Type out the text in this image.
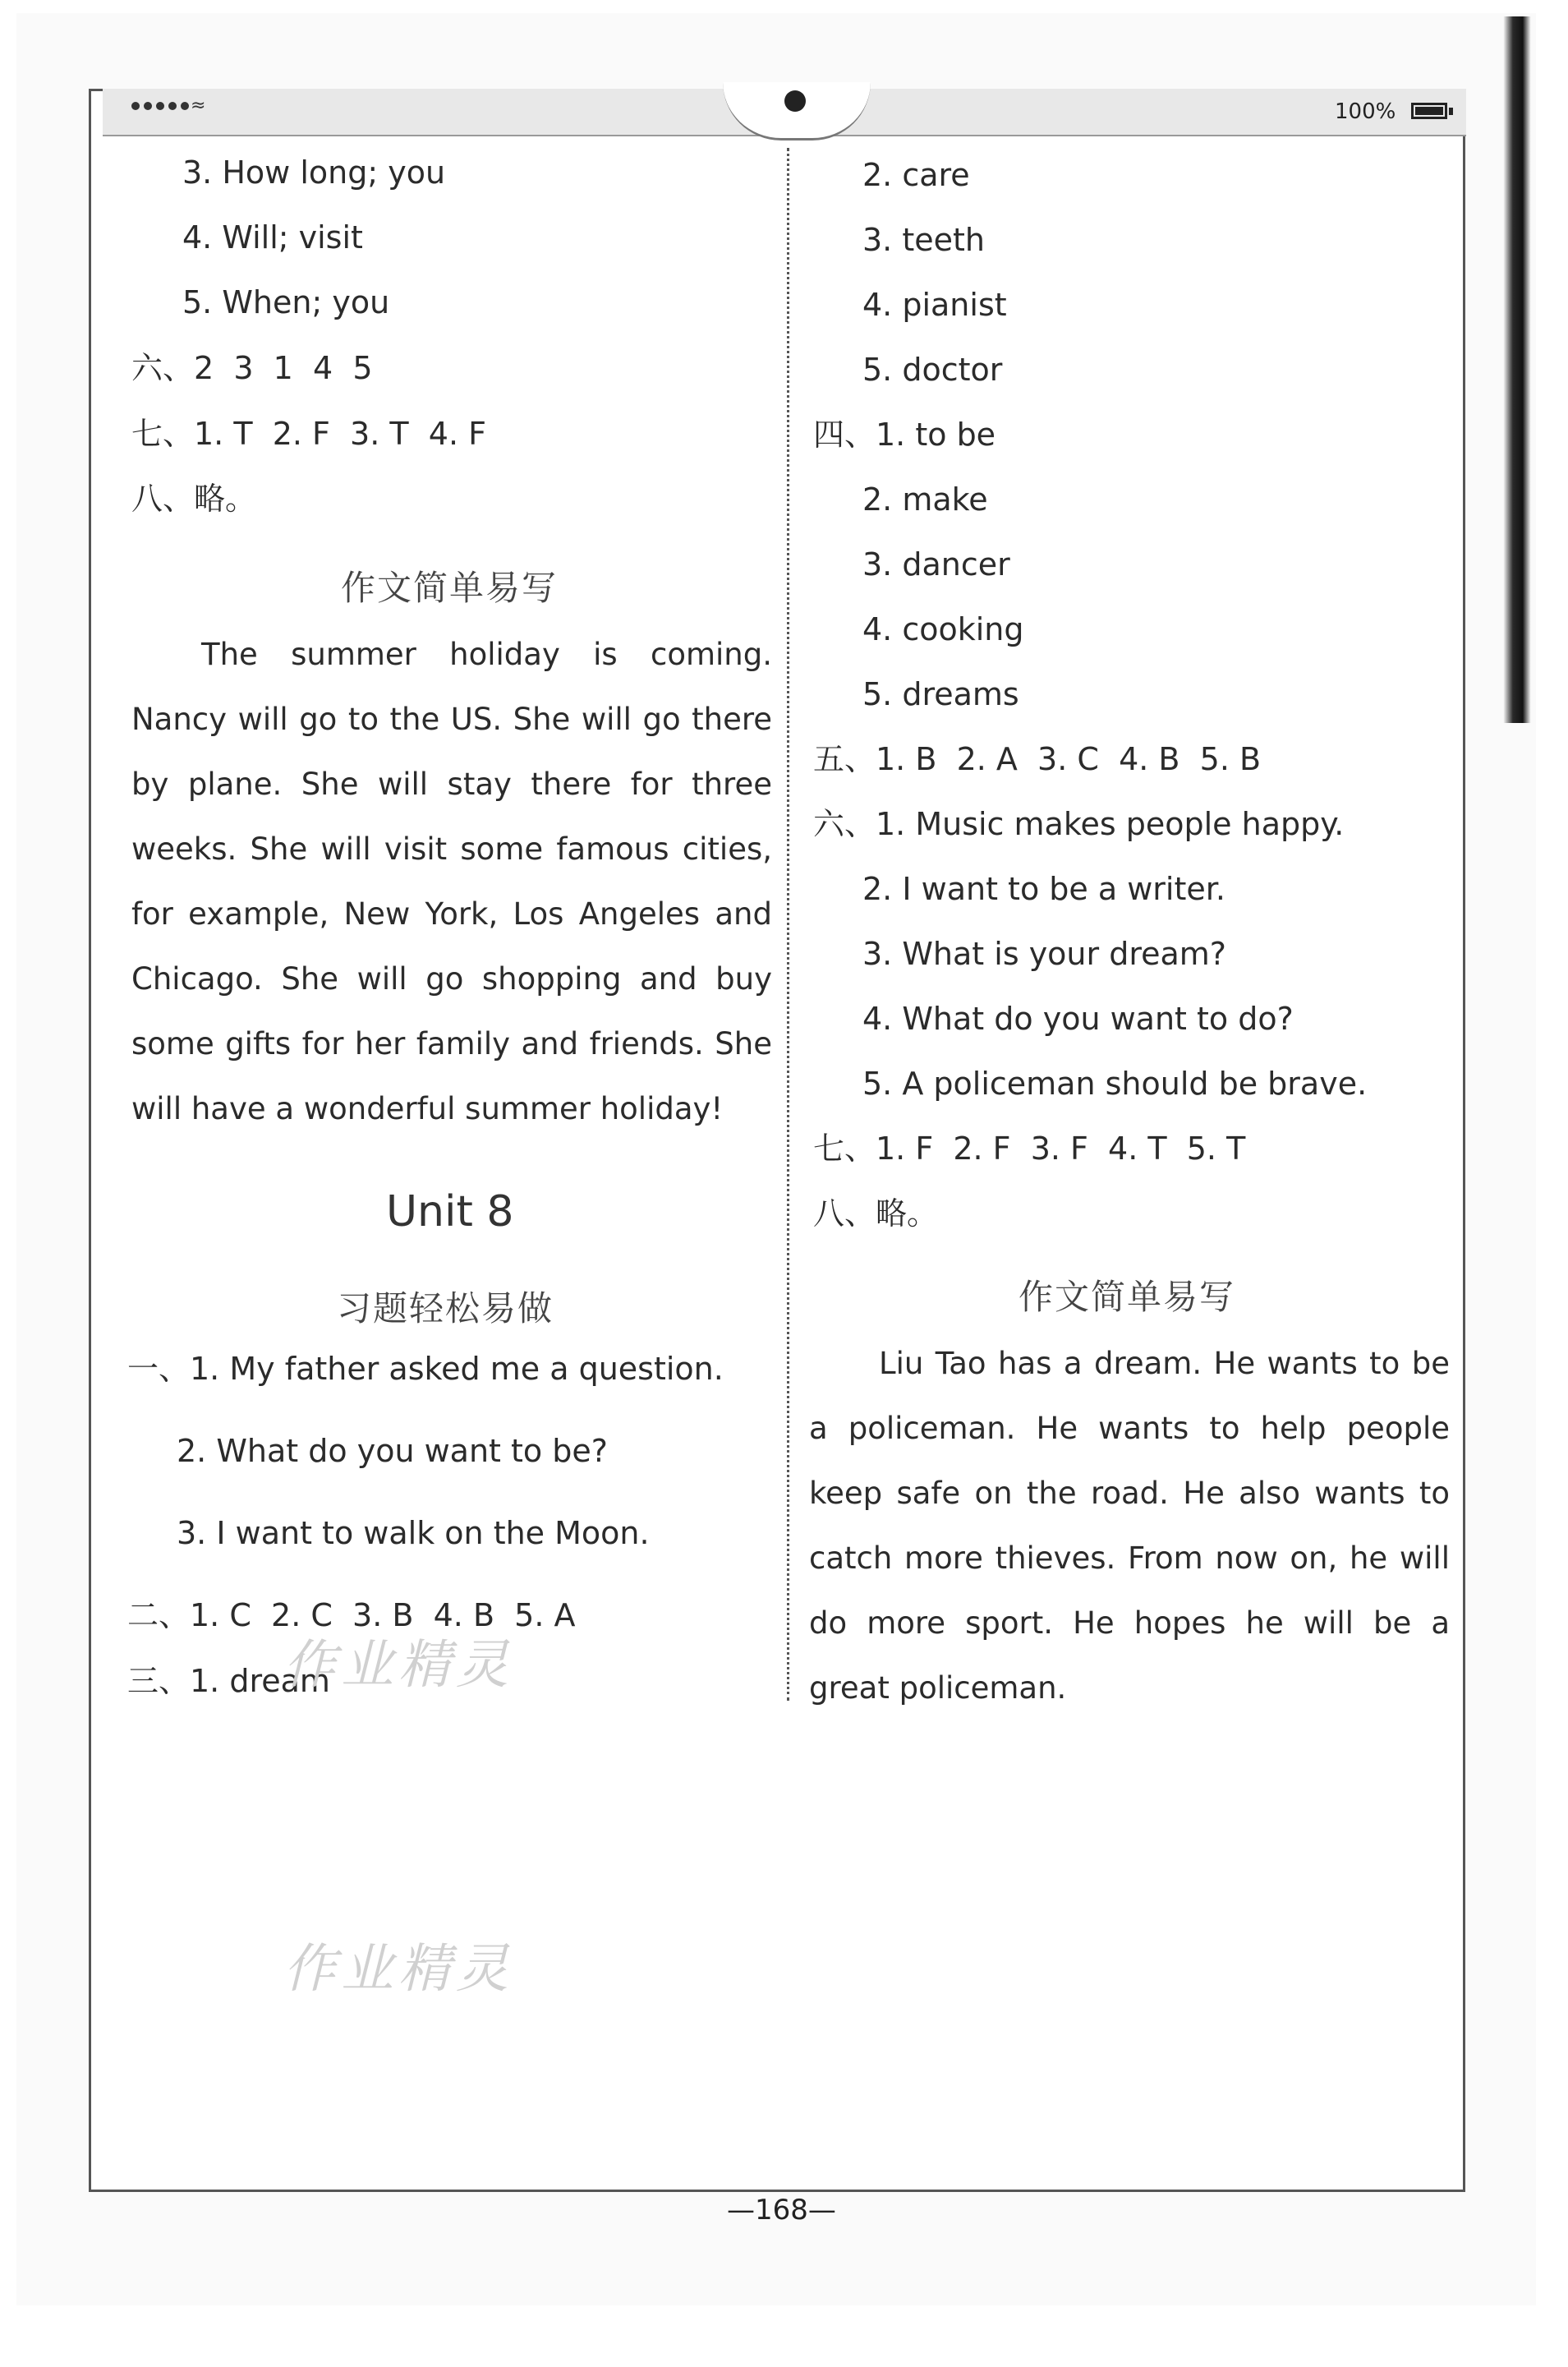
≈	100%
3. How long; you
4. Will; visit
5. When; you
六、2  3  1  4  5
七、1. T  2. F  3. T  4. F
八、略。
作文简单易写
The summer holiday is coming. Nancy will go to the US. She will go there by plane. She will stay there for three weeks. She will visit some famous cities, for example, New York, Los Angeles and Chicago. She will go shopping and buy some gifts for her family and friends. She will have a wonderful summer holiday!
Unit 8
习题轻松易做
一、1. My father asked me a question.
2. What do you want to be?
3. I want to walk on the Moon.
二、1. C  2. C  3. B  4. B  5. A
三、1. dream
2. care
3. teeth
4. pianist
5. doctor
四、1. to be
2. make
3. dancer
4. cooking
5. dreams
五、1. B  2. A  3. C  4. B  5. B
六、1. Music makes people happy.
2. I want to be a writer.
3. What is your dream?
4. What do you want to do?
5. A policeman should be brave.
七、1. F  2. F  3. F  4. T  5. T
八、略。
作文简单易写
Liu Tao has a dream. He wants to be a policeman. He wants to help people keep safe on the road. He also wants to catch more thieves. From now on, he will do more sport. He hopes he will be a great policeman.
作业精灵
作业精灵
—168—
